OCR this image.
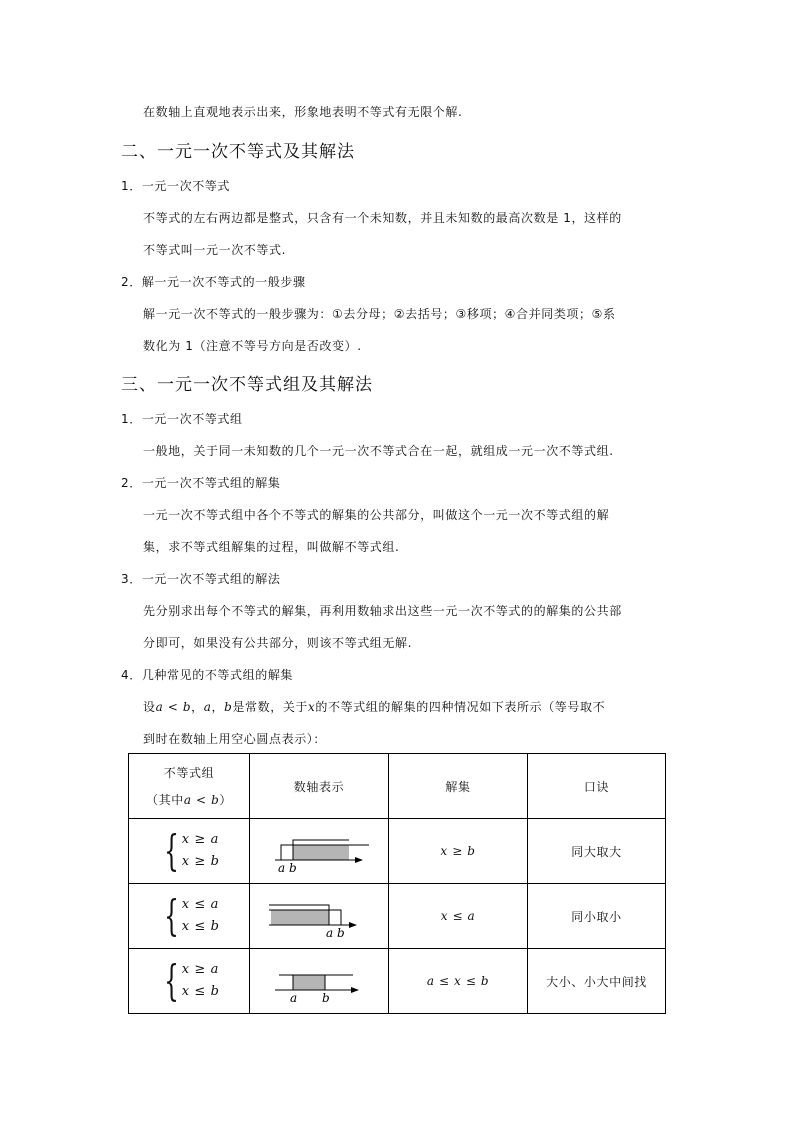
在数轴上直观地表示出来，形象地表明不等式有无限个解.
二、一元一次不等式及其解法
1．一元一次不等式
不等式的左右两边都是整式，只含有一个未知数，并且未知数的最高次数是 1，这样的
不等式叫一元一次不等式.
2．解一元一次不等式的一般步骤
解一元一次不等式的一般步骤为：①去分母；②去括号；③移项；④合并同类项；⑤系
数化为 1（注意不等号方向是否改变）.
三、一元一次不等式组及其解法
1．一元一次不等式组
一般地，关于同一未知数的几个一元一次不等式合在一起，就组成一元一次不等式组.
2．一元一次不等式组的解集
一元一次不等式组中各个不等式的解集的公共部分，叫做这个一元一次不等式组的解
集，求不等式组解集的过程，叫做解不等式组.
3．一元一次不等式组的解法
先分别求出每个不等式的解集，再利用数轴求出这些一元一次不等式的的解集的公共部
分即可，如果没有公共部分，则该不等式组无解.
4．几种常见的不等式组的解集
设a < b，a，b是常数，关于x的不等式组的解集的四种情况如下表所示（等号取不
到时在数轴上用空心圆点表示）：
不等式组
（其中a < b）	数轴表示	解集	口诀

{ x ≥ a
x ≥ b	a b	x ≥ b	同大取大

{ x ≤ a
x ≤ b	a b	x ≤ a	同小取小

{ x ≥ a
x ≤ b	a b	a ≤ x ≤ b	大小、小大中间找
